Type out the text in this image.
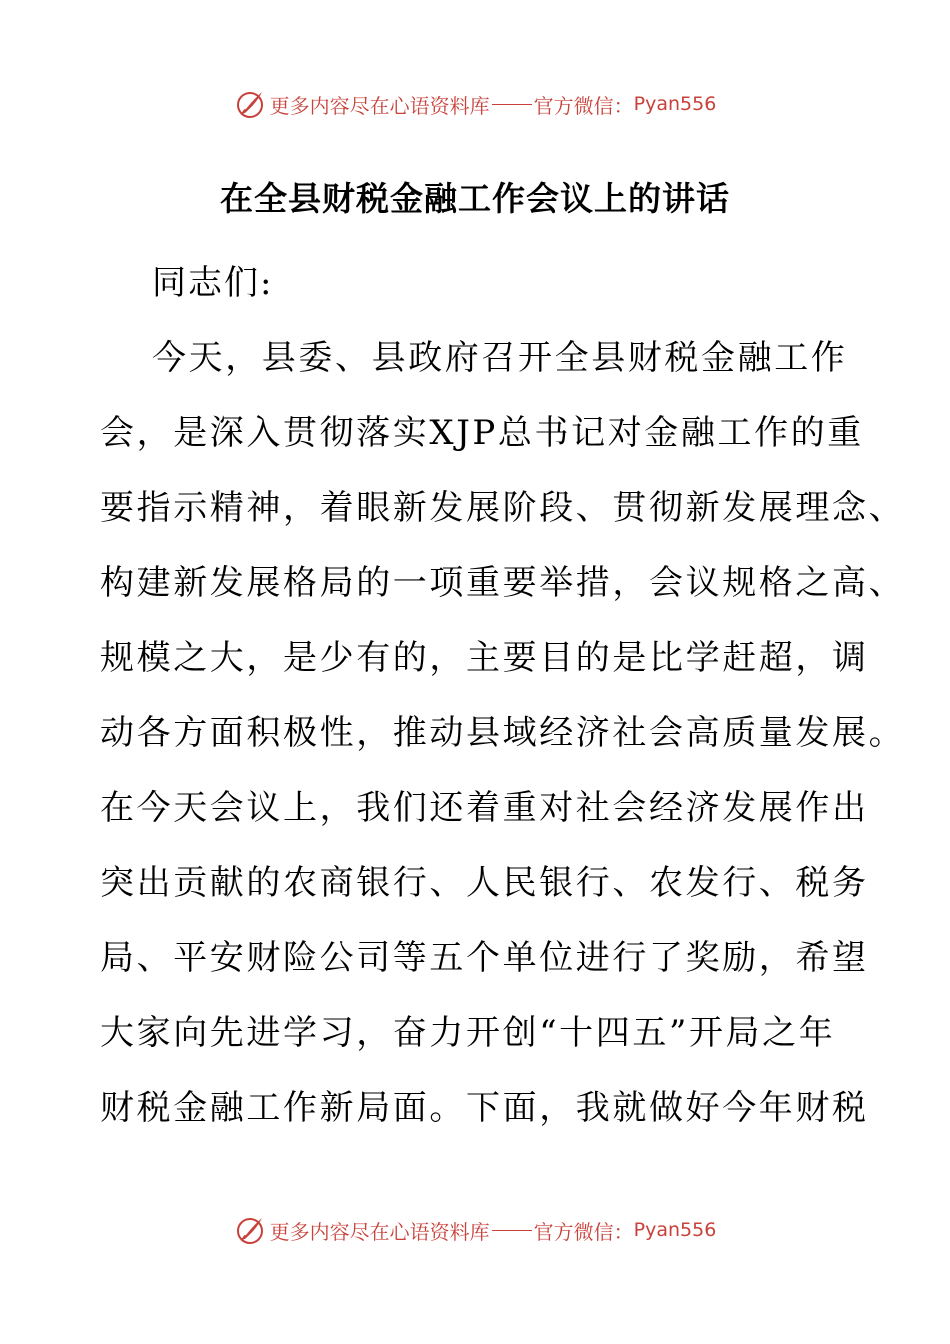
更多内容尽在心语资料库 官方微信： Pyan556
在全县财税金融工作会议上的讲话
同志们:
今天，县委、县政府召开全县财税金融工作
会，是深入贯彻落实XJP总书记对金融工作的重
要指示精神，着眼新发展阶段、贯彻新发展理念、
构建新发展格局的一项重要举措，会议规格之高、
规模之大，是少有的，主要目的是比学赶超，调
动各方面积极性，推动县域经济社会高质量发展。
在今天会议上，我们还着重对社会经济发展作出
突出贡献的农商银行、人民银行、农发行、税务
局、平安财险公司等五个单位进行了奖励，希望
大家向先进学习，奋力开创“十四五”开局之年
财税金融工作新局面。下面，我就做好今年财税
更多内容尽在心语资料库 官方微信： Pyan556
